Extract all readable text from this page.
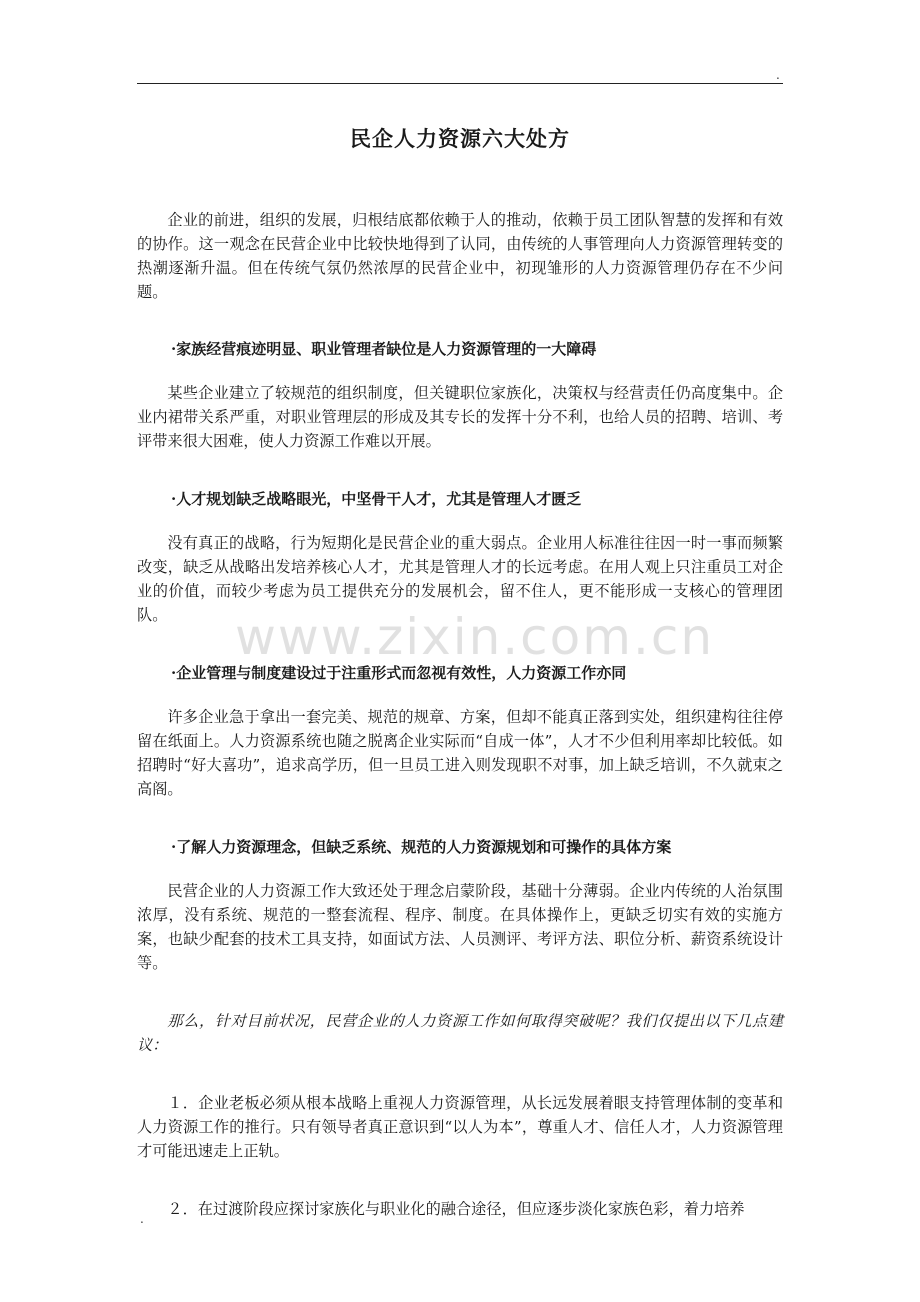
.
民企人力资源六大处方

企业的前进，组织的发展，归根结底都依赖于人的推动，依赖于员工团队智慧的发挥和有效的协作。这一观念在民营企业中比较快地得到了认同，由传统的人事管理向人力资源管理转变的热潮逐渐升温。但在传统气氛仍然浓厚的民营企业中，初现雏形的人力资源管理仍存在不少问题。

·家族经营痕迹明显、职业管理者缺位是人力资源管理的一大障碍

某些企业建立了较规范的组织制度，但关键职位家族化，决策权与经营责任仍高度集中。企业内裙带关系严重，对职业管理层的形成及其专长的发挥十分不利，也给人员的招聘、培训、考评带来很大困难，使人力资源工作难以开展。

·人才规划缺乏战略眼光，中坚骨干人才，尤其是管理人才匮乏

没有真正的战略，行为短期化是民营企业的重大弱点。企业用人标准往往因一时一事而频繁改变，缺乏从战略出发培养核心人才，尤其是管理人才的长远考虑。在用人观上只注重员工对企业的价值，而较少考虑为员工提供充分的发展机会，留不住人，更不能形成一支核心的管理团队。

·企业管理与制度建设过于注重形式而忽视有效性，人力资源工作亦同

许多企业急于拿出一套完美、规范的规章、方案，但却不能真正落到实处，组织建构往往停留在纸面上。人力资源系统也随之脱离企业实际而“自成一体”，人才不少但利用率却比较低。如招聘时“好大喜功”，追求高学历，但一旦员工进入则发现职不对事，加上缺乏培训，不久就束之高阁。

·了解人力资源理念，但缺乏系统、规范的人力资源规划和可操作的具体方案

民营企业的人力资源工作大致还处于理念启蒙阶段，基础十分薄弱。企业内传统的人治氛围浓厚，没有系统、规范的一整套流程、程序、制度。在具体操作上，更缺乏切实有效的实施方案，也缺少配套的技术工具支持，如面试方法、人员测评、考评方法、职位分析、薪资系统设计等。

那么，针对目前状况，民营企业的人力资源工作如何取得突破呢？我们仅提出以下几点建议：

１．企业老板必须从根本战略上重视人力资源管理，从长远发展着眼支持管理体制的变革和人力资源工作的推行。只有领导者真正意识到“以人为本”，尊重人才、信任人才，人力资源管理才可能迅速走上正轨。

２．在过渡阶段应探讨家族化与职业化的融合途径，但应逐步淡化家族色彩，着力培养

www.zixin.com.cn
.
